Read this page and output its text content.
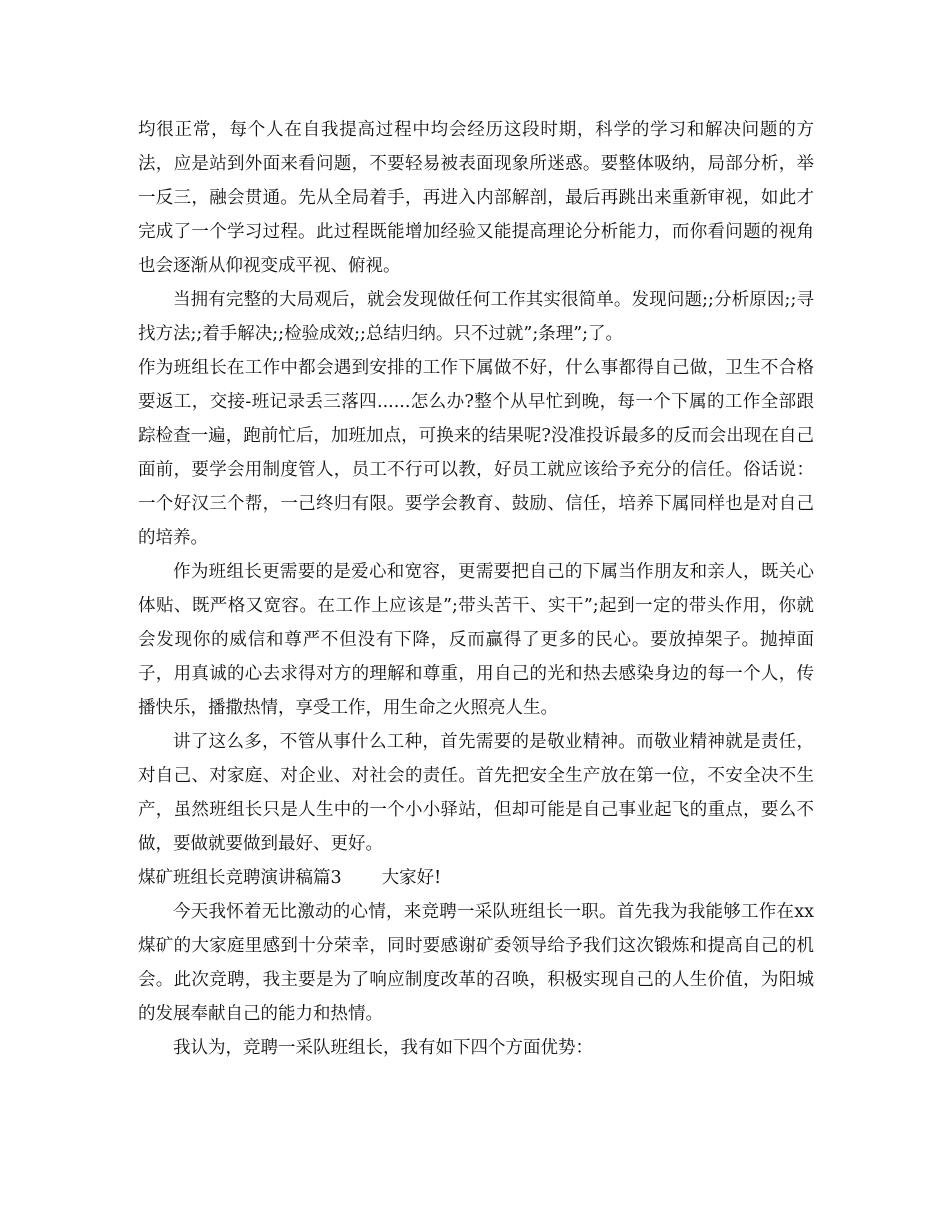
均很正常，每个人在自我提高过程中均会经历这段时期，科学的学习和解决问题的方法，应是站到外面来看问题，不要轻易被表面现象所迷惑。要整体吸纳，局部分析，举一反三，融会贯通。先从全局着手，再进入内部解剖，最后再跳出来重新审视，如此才完成了一个学习过程。此过程既能增加经验又能提高理论分析能力，而你看问题的视角也会逐渐从仰视变成平视、俯视。

当拥有完整的大局观后，就会发现做任何工作其实很简单。发现问题;;分析原因;;寻找方法;;着手解决;;检验成效;;总结归纳。只不过就”;条理”;了。

作为班组长在工作中都会遇到安排的工作下属做不好，什么事都得自己做，卫生不合格要返工，交接-班记录丢三落四......怎么办?整个从早忙到晚，每一个下属的工作全部跟踪检查一遍，跑前忙后，加班加点，可换来的结果呢?没准投诉最多的反而会出现在自己面前，要学会用制度管人，员工不行可以教，好员工就应该给予充分的信任。俗话说：一个好汉三个帮，一己终归有限。要学会教育、鼓励、信任，培养下属同样也是对自己的培养。

作为班组长更需要的是爱心和宽容，更需要把自己的下属当作朋友和亲人，既关心体贴、既严格又宽容。在工作上应该是”;带头苦干、实干”;起到一定的带头作用，你就会发现你的威信和尊严不但没有下降，反而赢得了更多的民心。要放掉架子。抛掉面子，用真诚的心去求得对方的理解和尊重，用自己的光和热去感染身边的每一个人，传播快乐，播撒热情，享受工作，用生命之火照亮人生。

讲了这么多，不管从事什么工种，首先需要的是敬业精神。而敬业精神就是责任，对自己、对家庭、对企业、对社会的责任。首先把安全生产放在第一位，不安全决不生产，虽然班组长只是人生中的一个小小驿站，但却可能是自己事业起飞的重点，要么不做，要做就要做到最好、更好。

煤矿班组长竞聘演讲稿篇3 大家好!

今天我怀着无比激动的心情，来竞聘一采队班组长一职。首先我为我能够工作在xx煤矿的大家庭里感到十分荣幸，同时要感谢矿委领导给予我们这次锻炼和提高自己的机会。此次竞聘，我主要是为了响应制度改革的召唤，积极实现自己的人生价值，为阳城的发展奉献自己的能力和热情。

我认为，竞聘一采队班组长，我有如下四个方面优势：
